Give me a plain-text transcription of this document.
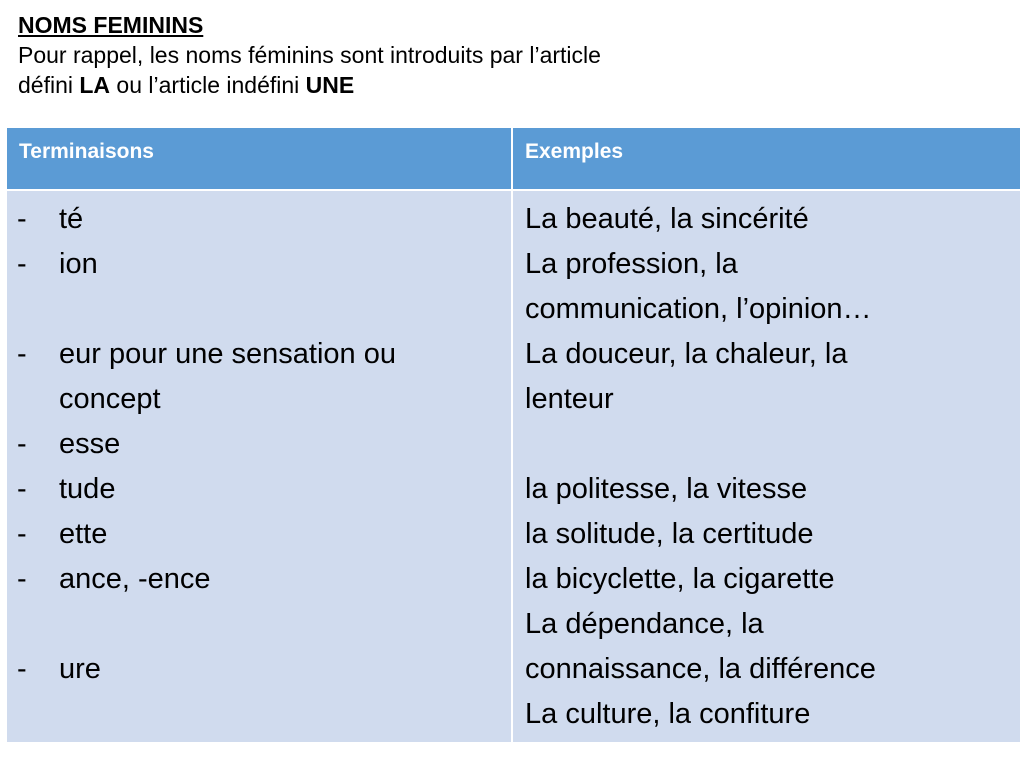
NOMS FEMININS

Pour rappel, les noms féminins sont introduits par l’article

défini LA ou l’article indéfini UNE

Terminaisons	Exemples
- té
- ion
- eur pour une sensation ou
concept
- esse
- tude
- ette
- ance, -ence
- ure
La beauté, la sincérité
La profession, la
communication, l’opinion…
La douceur, la chaleur, la
lenteur
la politesse, la vitesse
la solitude, la certitude
la bicyclette, la cigarette
La dépendance, la
connaissance, la différence
La culture, la confiture
